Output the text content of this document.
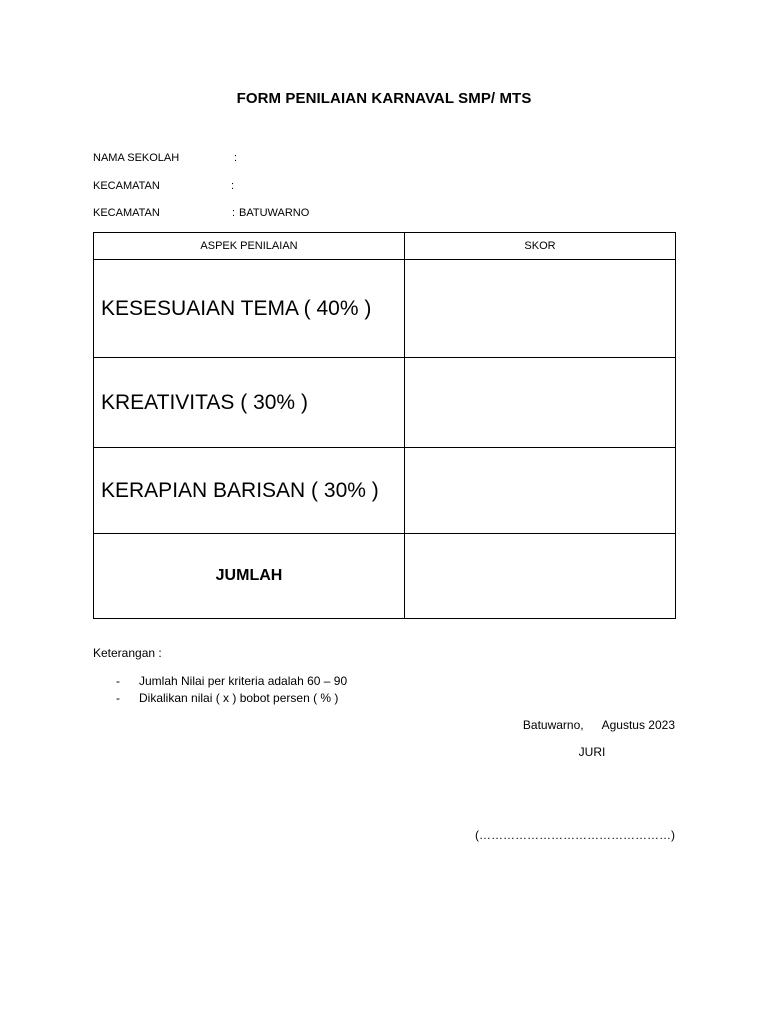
FORM PENILAIAN KARNAVAL SMP/ MTS
NAMA SEKOLAH	:
KECAMATAN	:
KECAMATAN	: BATUWARNO
ASPEK PENILAIAN	SKOR
KESESUAIAN TEMA ( 40% )	
KREATIVITAS ( 30% )	
KERAPIAN BARISAN ( 30% )	
JUMLAH	
Keterangan :
- Jumlah Nilai per kriteria adalah 60 – 90
- Dikalikan nilai ( x ) bobot persen ( % )
Batuwarno, Agustus 2023
JURI
(…………………………………………)
